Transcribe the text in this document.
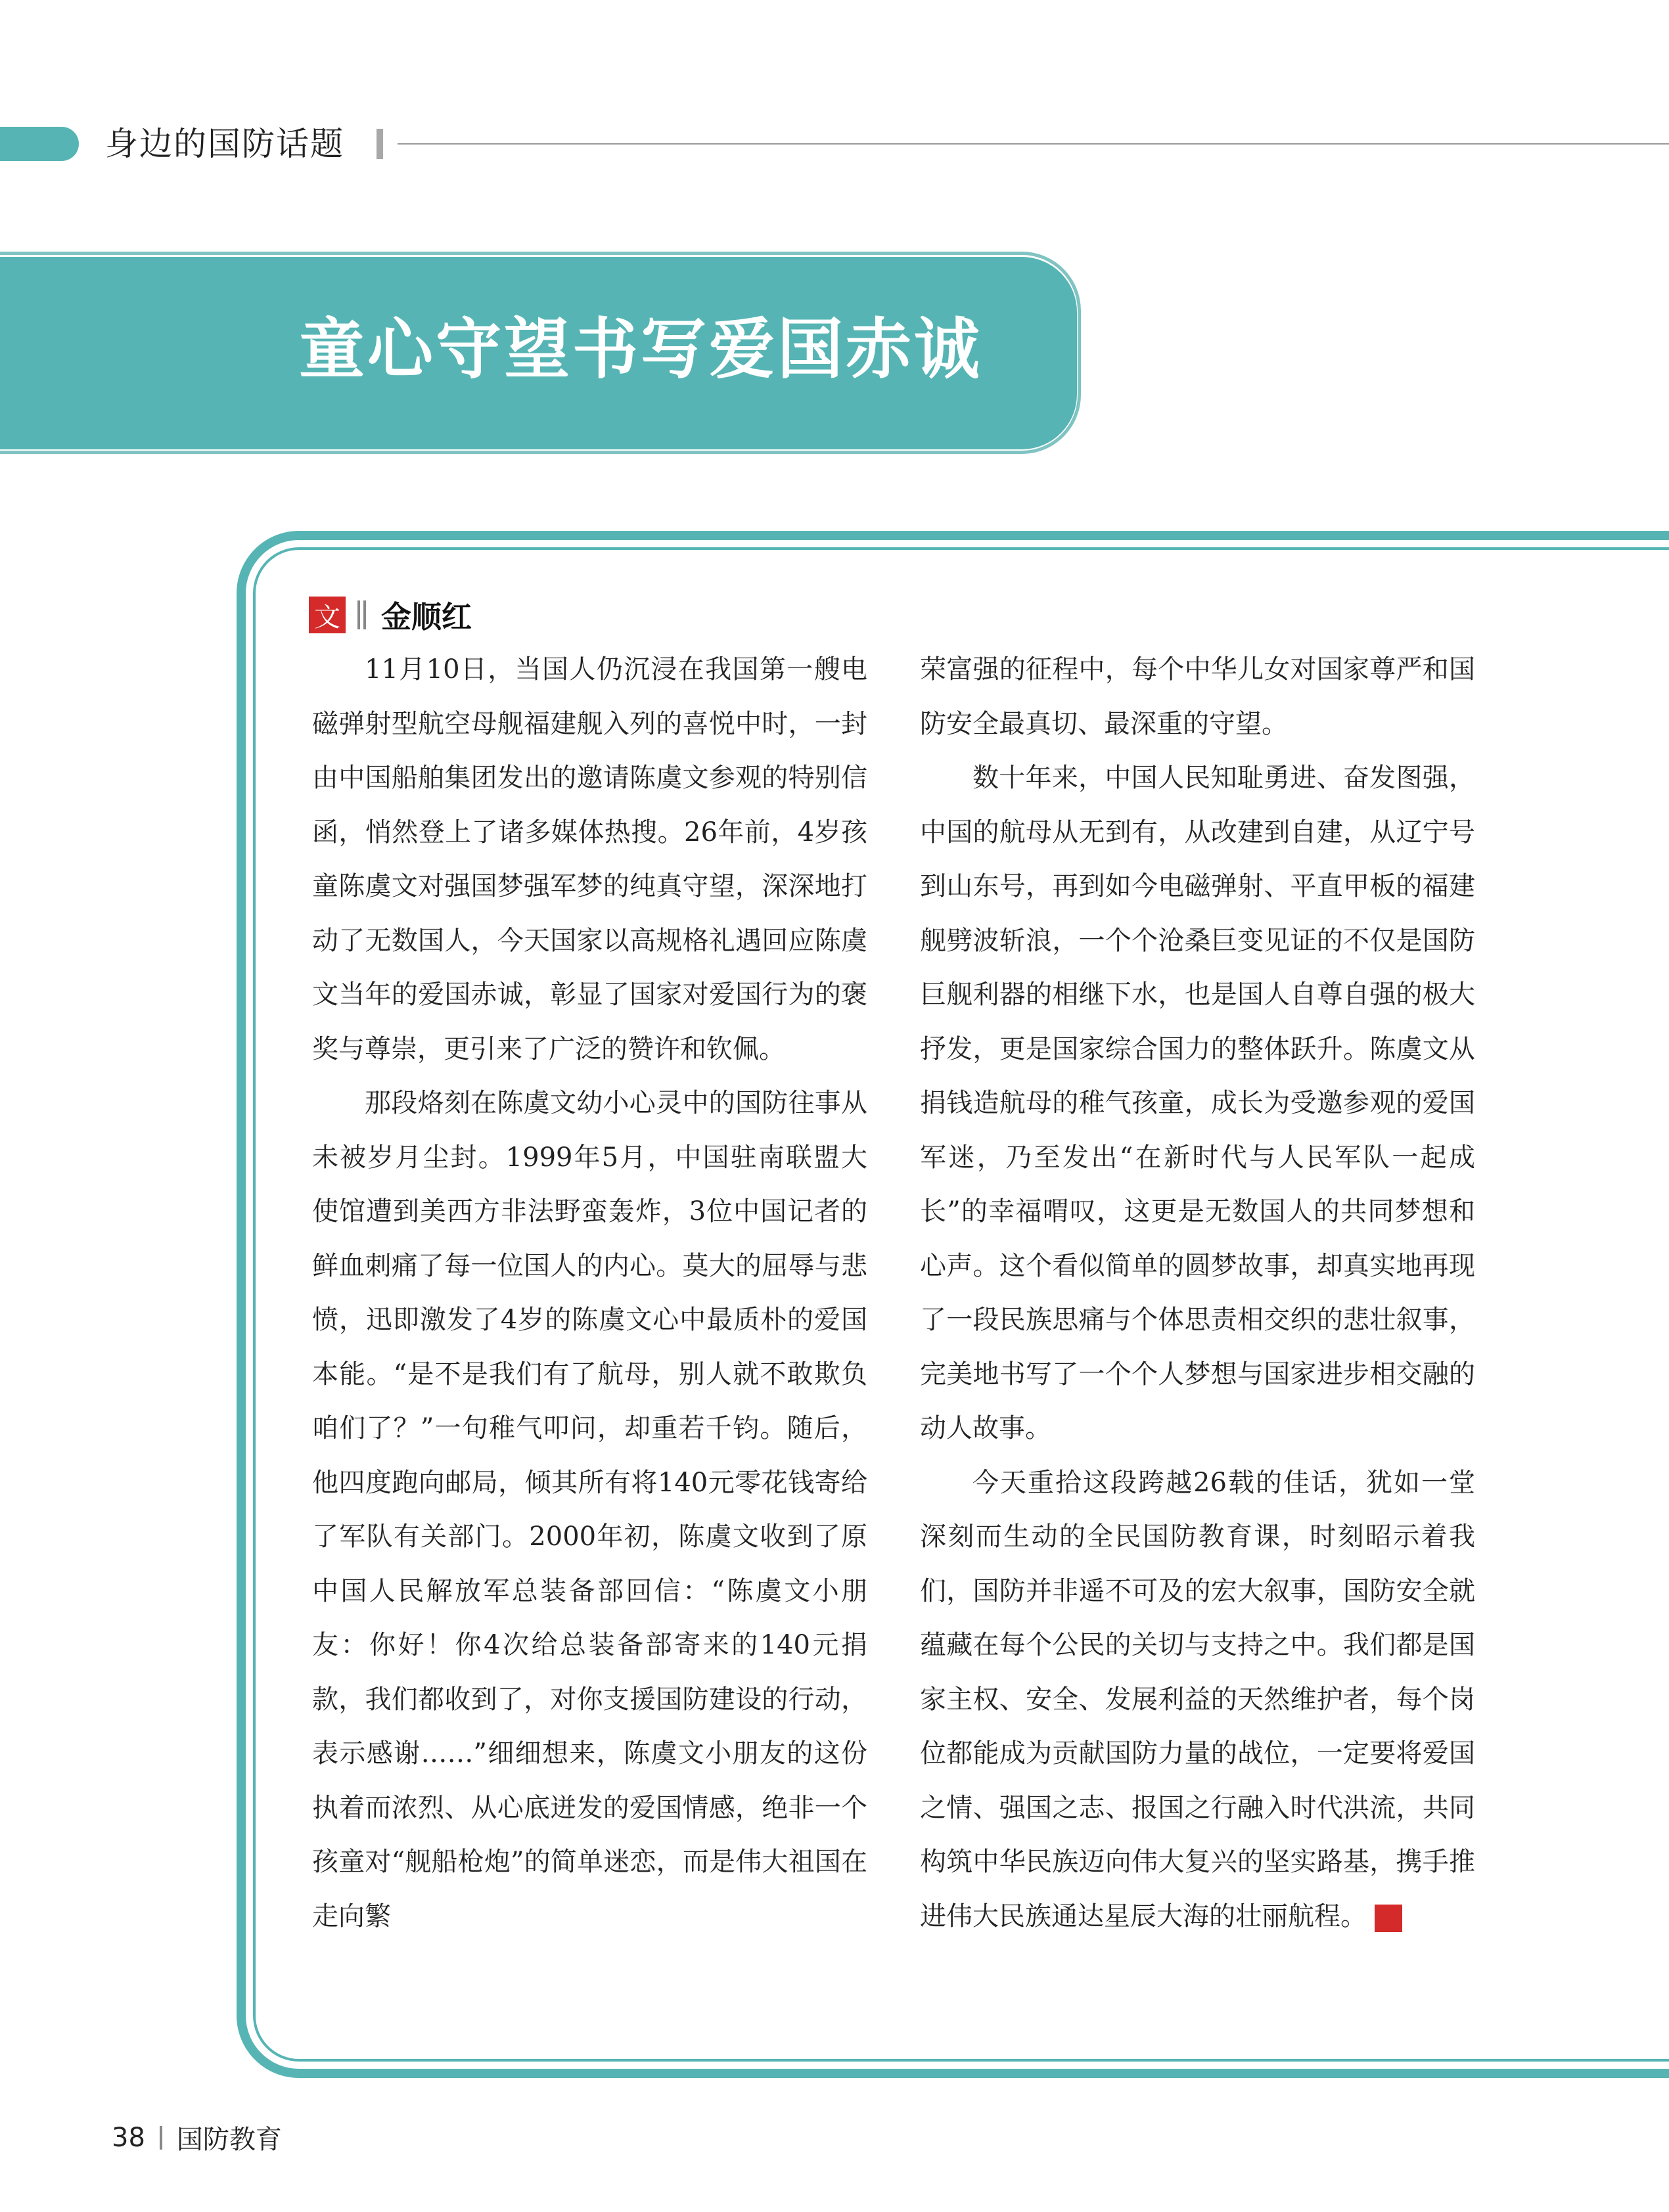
身边的国防话题
童心守望书写爱国赤诚
文 金顺红

11月10日，当国人仍沉浸在我国第一艘电磁弹射型航空母舰福建舰入列的喜悦中时，一封由中国船舶集团发出的邀请陈虞文参观的特别信函，悄然登上了诸多媒体热搜。26年前，4岁孩童陈虞文对强国梦强军梦的纯真守望，深深地打动了无数国人，今天国家以高规格礼遇回应陈虞文当年的爱国赤诚，彰显了国家对爱国行为的褒奖与尊崇，更引来了广泛的赞许和钦佩。

那段烙刻在陈虞文幼小心灵中的国防往事从未被岁月尘封。1999年5月，中国驻南联盟大使馆遭到美西方非法野蛮轰炸，3位中国记者的鲜血刺痛了每一位国人的内心。莫大的屈辱与悲愤，迅即激发了4岁的陈虞文心中最质朴的爱国本能。“是不是我们有了航母，别人就不敢欺负咱们了？”一句稚气叩问，却重若千钧。随后，他四度跑向邮局，倾其所有将140元零花钱寄给了军队有关部门。2000年初，陈虞文收到了原中国人民解放军总装备部回信：“陈虞文小朋友：你好！你4次给总装备部寄来的140元捐款，我们都收到了，对你支援国防建设的行动，表示感谢……”细细想来，陈虞文小朋友的这份执着而浓烈、从心底迸发的爱国情感，绝非一个孩童对“舰船枪炮”的简单迷恋，而是伟大祖国在走向繁

荣富强的征程中，每个中华儿女对国家尊严和国防安全最真切、最深重的守望。

数十年来，中国人民知耻勇进、奋发图强，中国的航母从无到有，从改建到自建，从辽宁号到山东号，再到如今电磁弹射、平直甲板的福建舰劈波斩浪，一个个沧桑巨变见证的不仅是国防巨舰利器的相继下水，也是国人自尊自强的极大抒发，更是国家综合国力的整体跃升。陈虞文从捐钱造航母的稚气孩童，成长为受邀参观的爱国军迷，乃至发出“在新时代与人民军队一起成长”的幸福喟叹，这更是无数国人的共同梦想和心声。这个看似简单的圆梦故事，却真实地再现了一段民族思痛与个体思责相交织的悲壮叙事，完美地书写了一个个人梦想与国家进步相交融的动人故事。

今天重拾这段跨越26载的佳话，犹如一堂深刻而生动的全民国防教育课，时刻昭示着我们，国防并非遥不可及的宏大叙事，国防安全就蕴藏在每个公民的关切与支持之中。我们都是国家主权、安全、发展利益的天然维护者，每个岗位都能成为贡献国防力量的战位，一定要将爱国之情、强国之志、报国之行融入时代洪流，共同构筑中华民族迈向伟大复兴的坚实路基，携手推进伟大民族通达星辰大海的壮丽航程。	G

38 国防教育
